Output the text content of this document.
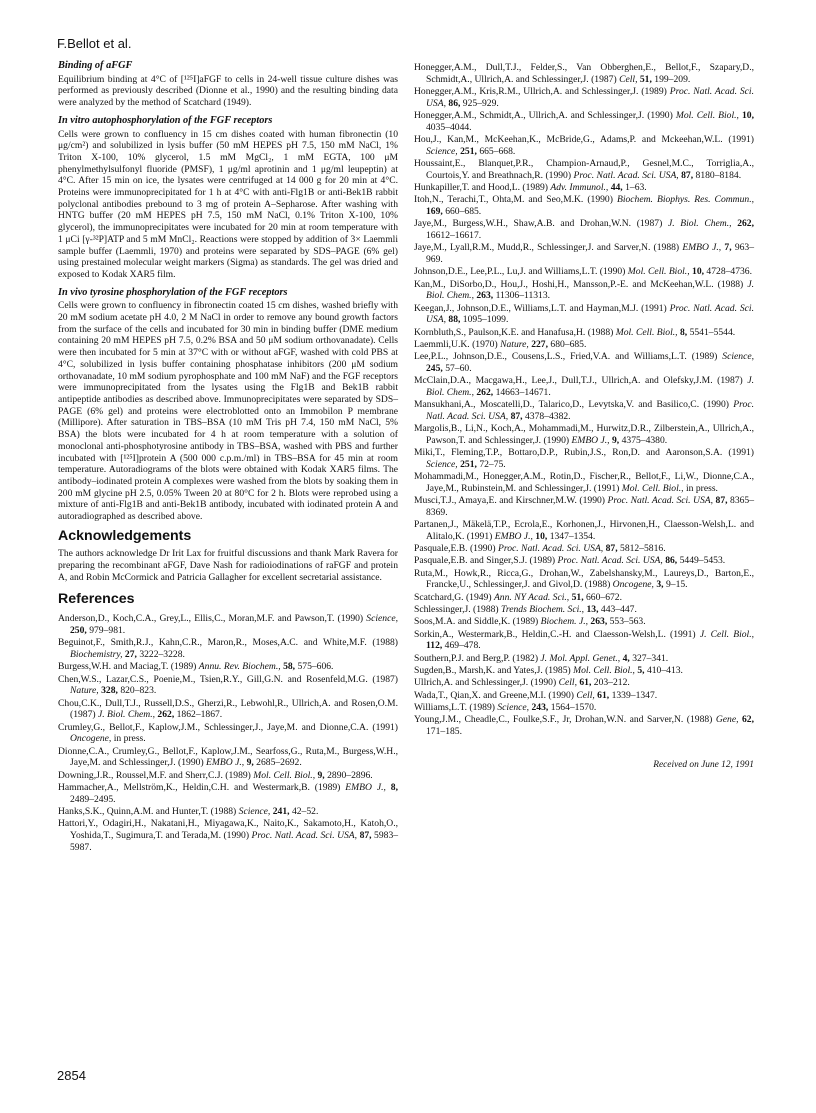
F.Bellot et al.
Binding of aFGF

Equilibrium binding at 4°C of [¹²⁵I]aFGF to cells in 24-well tissue culture dishes was performed as previously described (Dionne et al., 1990) and the resulting binding data were analyzed by the method of Scatchard (1949).

In vitro autophosphorylation of the FGF receptors

Cells were grown to confluency in 15 cm dishes coated with human fibronectin (10 μg/cm²) and solubilized in lysis buffer (50 mM HEPES pH 7.5, 150 mM NaCl, 1% Triton X-100, 10% glycerol, 1.5 mM MgCl₂, 1 mM EGTA, 100 μM phenylmethylsulfonyl fluoride (PMSF), 1 μg/ml aprotinin and 1 μg/ml leupeptin) at 4°C. After 15 min on ice, the lysates were centrifuged at 14 000 g for 20 min at 4°C. Proteins were immunoprecipitated for 1 h at 4°C with anti-Flg1B or anti-Bek1B rabbit polyclonal antibodies prebound to 3 mg of protein A–Sepharose. After washing with HNTG buffer (20 mM HEPES pH 7.5, 150 mM NaCl, 0.1% Triton X-100, 10% glycerol), the immunoprecipitates were incubated for 20 min at room temperature with 1 μCi [γ-³²P]ATP and 5 mM MnCl₂. Reactions were stopped by addition of 3× Laemmli sample buffer (Laemmli, 1970) and proteins were separated by SDS–PAGE (6% gel) using prestained molecular weight markers (Sigma) as standards. The gel was dried and exposed to Kodak XAR5 film.

In vivo tyrosine phosphorylation of the FGF receptors

Cells were grown to confluency in fibronectin coated 15 cm dishes, washed briefly with 20 mM sodium acetate pH 4.0, 2 M NaCl in order to remove any bound growth factors from the surface of the cells and incubated for 30 min in binding buffer (DME medium containing 20 mM HEPES pH 7.5, 0.2% BSA and 50 μM sodium orthovanadate). Cells were then incubated for 5 min at 37°C with or without aFGF, washed with cold PBS at 4°C, solubilized in lysis buffer containing phosphatase inhibitors (200 μM sodium orthovanadate, 10 mM sodium pyrophosphate and 100 mM NaF) and the FGF receptors were immunoprecipitated from the lysates using the Flg1B and Bek1B rabbit antipeptide antibodies as described above. Immunoprecipitates were separated by SDS–PAGE (6% gel) and proteins were electroblotted onto an Immobilon P membrane (Millipore). After saturation in TBS–BSA (10 mM Tris pH 7.4, 150 mM NaCl, 5% BSA) the blots were incubated for 4 h at room temperature with a solution of monoclonal anti-phosphotyrosine antibody in TBS–BSA, washed with PBS and further incubated with [¹²⁵I]protein A (500 000 c.p.m./ml) in TBS–BSA for 45 min at room temperature. Autoradiograms of the blots were obtained with Kodak XAR5 films. The antibody–iodinated protein A complexes were washed from the blots by soaking them in 200 mM glycine pH 2.5, 0.05% Tween 20 at 80°C for 2 h. Blots were reprobed using a mixture of anti-Flg1B and anti-Bek1B antibody, incubated with iodinated protein A and autoradiographed as described above.

Acknowledgements

The authors acknowledge Dr Irit Lax for fruitful discussions and thank Mark Ravera for preparing the recombinant aFGF, Dave Nash for radioiodinations of raFGF and protein A, and Robin McCormick and Patricia Gallagher for excellent secretarial assistance.

References

Anderson,D., Koch,C.A., Grey,L., Ellis,C., Moran,M.F. and Pawson,T. (1990) Science, 250, 979–981.

Beguinot,F., Smith,R.J., Kahn,C.R., Maron,R., Moses,A.C. and White,M.F. (1988) Biochemistry, 27, 3222–3228.

Burgess,W.H. and Maciag,T. (1989) Annu. Rev. Biochem., 58, 575–606.

Chen,W.S., Lazar,C.S., Poenie,M., Tsien,R.Y., Gill,G.N. and Rosenfeld,M.G. (1987) Nature, 328, 820–823.

Chou,C.K., Dull,T.J., Russell,D.S., Gherzi,R., Lebwohl,R., Ullrich,A. and Rosen,O.M. (1987) J. Biol. Chem., 262, 1862–1867.

Crumley,G., Bellot,F., Kaplow,J.M., Schlessinger,J., Jaye,M. and Dionne,C.A. (1991) Oncogene, in press.

Dionne,C.A., Crumley,G., Bellot,F., Kaplow,J.M., Searfoss,G., Ruta,M., Burgess,W.H., Jaye,M. and Schlessinger,J. (1990) EMBO J., 9, 2685–2692.

Downing,J.R., Roussel,M.F. and Sherr,C.J. (1989) Mol. Cell. Biol., 9, 2890–2896.

Hammacher,A., Mellström,K., Heldin,C.H. and Westermark,B. (1989) EMBO J., 8, 2489–2495.

Hanks,S.K., Quinn,A.M. and Hunter,T. (1988) Science, 241, 42–52.

Hattori,Y., Odagiri,H., Nakatani,H., Miyagawa,K., Naito,K., Sakamoto,H., Katoh,O., Yoshida,T., Sugimura,T. and Terada,M. (1990) Proc. Natl. Acad. Sci. USA, 87, 5983–5987.

Honegger,A.M., Dull,T.J., Felder,S., Van Obberghen,E., Bellot,F., Szapary,D., Schmidt,A., Ullrich,A. and Schlessinger,J. (1987) Cell, 51, 199–209.

Honegger,A.M., Kris,R.M., Ullrich,A. and Schlessinger,J. (1989) Proc. Natl. Acad. Sci. USA, 86, 925–929.

Honegger,A.M., Schmidt,A., Ullrich,A. and Schlessinger,J. (1990) Mol. Cell. Biol., 10, 4035–4044.

Hou,J., Kan,M., McKeehan,K., McBride,G., Adams,P. and Mckeehan,W.L. (1991) Science, 251, 665–668.

Houssaint,E., Blanquet,P.R., Champion-Arnaud,P., Gesnel,M.C., Torriglia,A., Courtois,Y. and Breathnach,R. (1990) Proc. Natl. Acad. Sci. USA, 87, 8180–8184.

Hunkapiller,T. and Hood,L. (1989) Adv. Immunol., 44, 1–63.

Itoh,N., Terachi,T., Ohta,M. and Seo,M.K. (1990) Biochem. Biophys. Res. Commun., 169, 660–685.

Jaye,M., Burgess,W.H., Shaw,A.B. and Drohan,W.N. (1987) J. Biol. Chem., 262, 16612–16617.

Jaye,M., Lyall,R.M., Mudd,R., Schlessinger,J. and Sarver,N. (1988) EMBO J., 7, 963–969.

Johnson,D.E., Lee,P.L., Lu,J. and Williams,L.T. (1990) Mol. Cell. Biol., 10, 4728–4736.

Kan,M., DiSorbo,D., Hou,J., Hoshi,H., Mansson,P.-E. and McKeehan,W.L. (1988) J. Biol. Chem., 263, 11306–11313.

Keegan,J., Johnson,D.E., Williams,L.T. and Hayman,M.J. (1991) Proc. Natl. Acad. Sci. USA, 88, 1095–1099.

Kornbluth,S., Paulson,K.E. and Hanafusa,H. (1988) Mol. Cell. Biol., 8, 5541–5544.

Laemmli,U.K. (1970) Nature, 227, 680–685.

Lee,P.L., Johnson,D.E., Cousens,L.S., Fried,V.A. and Williams,L.T. (1989) Science, 245, 57–60.

McClain,D.A., Macgawa,H., Lee,J., Dull,T.J., Ullrich,A. and Olefsky,J.M. (1987) J. Biol. Chem., 262, 14663–14671.

Mansukhani,A., Moscatelli,D., Talarico,D., Levytska,V. and Basilico,C. (1990) Proc. Natl. Acad. Sci. USA, 87, 4378–4382.

Margolis,B., Li,N., Koch,A., Mohammadi,M., Hurwitz,D.R., Zilberstein,A., Ullrich,A., Pawson,T. and Schlessinger,J. (1990) EMBO J., 9, 4375–4380.

Miki,T., Fleming,T.P., Bottaro,D.P., Rubin,J.S., Ron,D. and Aaronson,S.A. (1991) Science, 251, 72–75.

Mohammadi,M., Honegger,A.M., Rotin,D., Fischer,R., Bellot,F., Li,W., Dionne,C.A., Jaye,M., Rubinstein,M. and Schlessinger,J. (1991) Mol. Cell. Biol., in press.

Musci,T.J., Amaya,E. and Kirschner,M.W. (1990) Proc. Natl. Acad. Sci. USA, 87, 8365–8369.

Partanen,J., Mäkelä,T.P., Ecrola,E., Korhonen,J., Hirvonen,H., Claesson-Welsh,L. and Alitalo,K. (1991) EMBO J., 10, 1347–1354.

Pasquale,E.B. (1990) Proc. Natl. Acad. Sci. USA, 87, 5812–5816.

Pasquale,E.B. and Singer,S.J. (1989) Proc. Natl. Acad. Sci. USA, 86, 5449–5453.

Ruta,M., Howk,R., Ricca,G., Drohan,W., Zabelshansky,M., Laureys,D., Barton,E., Francke,U., Schlessinger,J. and Givol,D. (1988) Oncogene, 3, 9–15.

Scatchard,G. (1949) Ann. NY Acad. Sci., 51, 660–672.

Schlessinger,J. (1988) Trends Biochem. Sci., 13, 443–447.

Soos,M.A. and Siddle,K. (1989) Biochem. J., 263, 553–563.

Sorkin,A., Westermark,B., Heldin,C.-H. and Claesson-Welsh,L. (1991) J. Cell. Biol., 112, 469–478.

Southern,P.J. and Berg,P. (1982) J. Mol. Appl. Genet., 4, 327–341.

Sugden,B., Marsh,K. and Yates,J. (1985) Mol. Cell. Biol., 5, 410–413.

Ullrich,A. and Schlessinger,J. (1990) Cell, 61, 203–212.

Wada,T., Qian,X. and Greene,M.I. (1990) Cell, 61, 1339–1347.

Williams,L.T. (1989) Science, 243, 1564–1570.

Young,J.M., Cheadle,C., Foulke,S.F., Jr, Drohan,W.N. and Sarver,N. (1988) Gene, 62, 171–185.

Received on June 12, 1991
2854
